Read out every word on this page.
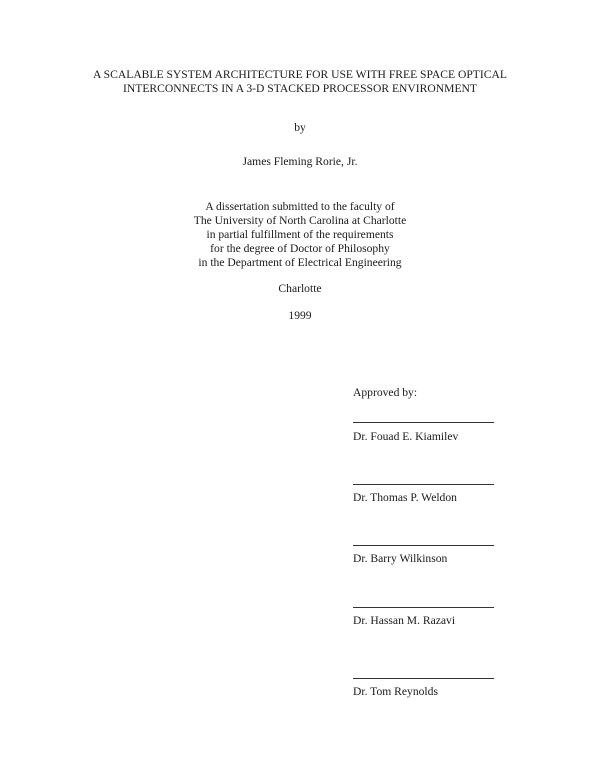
A SCALABLE SYSTEM ARCHITECTURE FOR USE WITH FREE SPACE OPTICAL
INTERCONNECTS IN A 3-D STACKED PROCESSOR ENVIRONMENT
by
James Fleming Rorie, Jr.
A dissertation submitted to the faculty of
The University of North Carolina at Charlotte
in partial fulfillment of the requirements
for the degree of Doctor of Philosophy
in the Department of Electrical Engineering
Charlotte
1999
Approved by:
Dr. Fouad E. Kiamilev
Dr. Thomas P. Weldon
Dr. Barry Wilkinson
Dr. Hassan M. Razavi
Dr. Tom Reynolds
